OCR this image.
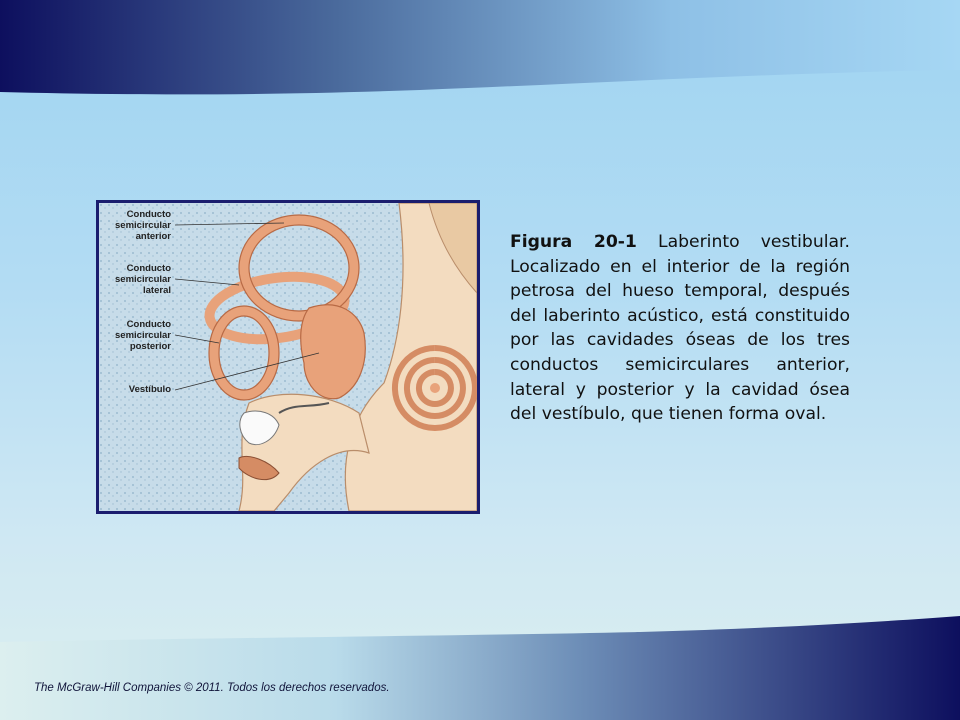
Conducto
semicircular
anterior
Conducto
semicircular
lateral
Conducto
semicircular
posterior
Vestíbulo
Figura 20-1 Laberinto vestibular. Localizado en el interior de la región petrosa del hueso temporal, después del laberinto acústico, está constituido por las cavidades óseas de los tres conductos semicirculares anterior, lateral y posterior y la cavidad ósea del vestíbulo, que tienen forma oval.
The McGraw-Hill Companies © 2011. Todos los derechos reservados.
